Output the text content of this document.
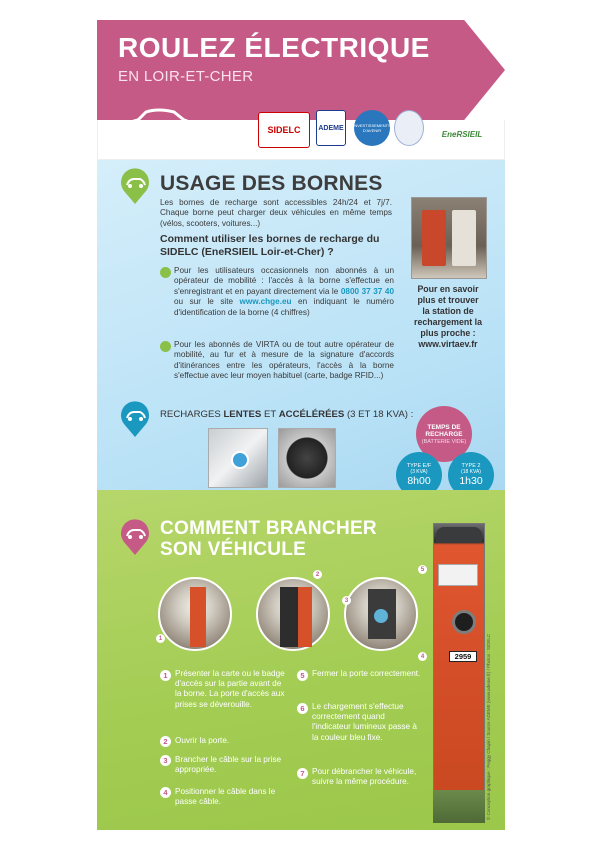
ROULEZ ÉLECTRIQUE
EN LOIR-ET-CHER
SIDELC	ADEME INVESTISSEMENTS D'AVENIR	EneRSIEIL
USAGE DES BORNES
Les bornes de recharge sont accessibles 24h/24 et 7j/7. Chaque borne peut charger deux véhicules en même temps (vélos, scooters, voitures...)
Comment utiliser les bornes de recharge du SIDELC (EneRSIEIL Loir-et-Cher) ?
Pour les utilisateurs occasionnels non abonnés à un opérateur de mobilité : l'accès à la borne s'effectue en s'enregistrant et en payant directement via le 0800 37 37 40 ou sur le site www.chge.eu en indiquant le numéro d'identification de la borne (4 chiffres)
Pour les abonnés de VIRTA ou de tout autre opérateur de mobilité, au fur et à mesure de la signature d'accords d'itinérances entre les opérateurs, l'accès à la borne s'effectue avec leur moyen habituel (carte, badge RFID...)
Pour en savoir
plus et trouver
la station de
rechargement la
plus proche :
www.virtaev.fr
RECHARGES LENTES ET ACCÉLÉRÉES (3 ET 18 KVA) :
TEMPS DE RECHARGE
(BATTERIE VIDE)
TYPE E/F
(3 KVA)
8h00
TYPE 2
(18 KVA)
1h30
COMMENT BRANCHER
SON VÉHICULE
1
2
3
4
5
1 Présenter la carte ou le badge d'accès sur la partie avant de la borne. La porte d'accès aux prises se déverouille.
2 Ouvrir la porte.
3 Brancher le câble sur la prise appropriée.
4 Positionner le câble dans le passe câble.
5 Fermer la porte correctement.
6 Le chargement s'effectue correctement quand l'indicateur lumineux passe à la couleur bleu fixe.
7 Pour débrancher le véhicule, suivre la même procédure.
2959	© Conception graphique : Peggy Chapin / Source ADEME (www.ademe.fr) / Photos : SIDELC
